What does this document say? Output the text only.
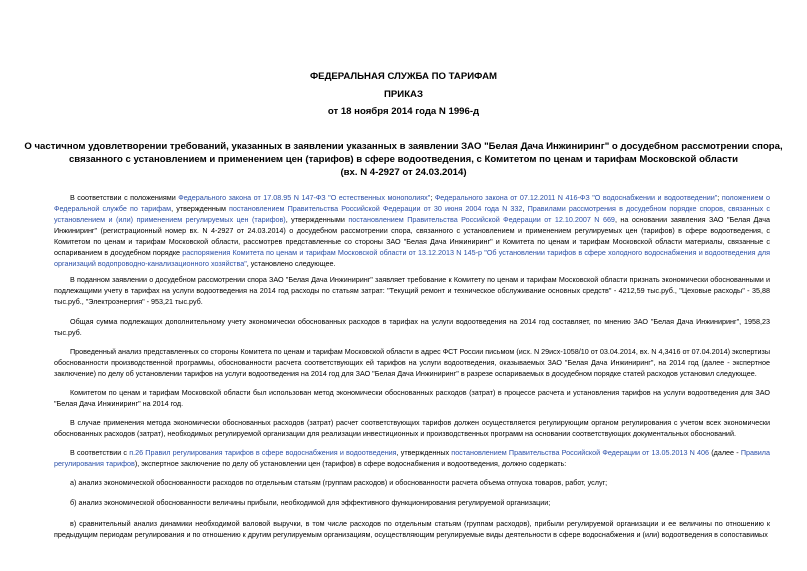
ФЕДЕРАЛЬНАЯ СЛУЖБА ПО ТАРИФАМ
ПРИКАЗ
от 18 ноября 2014 года N 1996-д
О частичном удовлетворении требований, указанных в заявлении указанных в заявлении ЗАО "Белая Дача Инжиниринг" о досудебном рассмотрении спора,
связанного с установлением и применением цен (тарифов) в сфере водоотведения, с Комитетом по ценам и тарифам Московской области
(вх. N 4-2927 от 24.03.2014)
В соответствии с положениями Федерального закона от 17.08.95 N 147-ФЗ "О естественных монополиях"; Федерального закона от 07.12.2011 N 416-ФЗ "О водоснабжении и водоотведении"; положением о Федеральной службе по тарифам, утвержденным постановлением Правительства Российской Федерации от 30 июня 2004 года N 332, Правилами рассмотрения в досудебном порядке споров, связанных с установлением и (или) применением регулируемых цен (тарифов), утвержденными постановлением Правительства Российской Федерации от 12.10.2007 N 669, на основании заявления ЗАО "Белая Дача Инжиниринг" (регистрационный номер вх. N 4-2927 от 24.03.2014) о досудебном рассмотрении спора, связанного с установлением и применением регулируемых цен (тарифов) в сфере водоотведения, с Комитетом по ценам и тарифам Московской области, рассмотрев представленные со стороны ЗАО "Белая Дача Инжиниринг" и Комитета по ценам и тарифам Московской области материалы, связанные с оспариванием в досудебном порядке распоряжения Комитета по ценам и тарифам Московской области от 13.12.2013 N 145-р "Об установлении тарифов в сфере холодного водоснабжения и водоотведения для организаций водопроводно-канализационного хозяйства", установлено следующее.
В поданном заявлении о досудебном рассмотрении спора ЗАО "Белая Дача Инжиниринг" заявляет требование к Комитету по ценам и тарифам Московской области признать экономически обоснованными и подлежащими учету в тарифах на услуги водоотведения на 2014 год расходы по статьям затрат: "Текущий ремонт и техническое обслуживание основных средств" - 4212,59 тыс.руб., "Цеховые расходы" - 35,88 тыс.руб., "Электроэнергия" - 953,21 тыс.руб.
Общая сумма подлежащих дополнительному учету экономически обоснованных расходов в тарифах на услуги водоотведения на 2014 год составляет, по мнению ЗАО "Белая Дача Инжиниринг", 1958,23 тыс.руб.
Проведенный анализ представленных со стороны Комитета по ценам и тарифам Московской области в адрес ФСТ России письмом (исх. N 29исх-1058/10 от 03.04.2014, вх. N 4,3416 от 07.04.2014) экспертизы обоснованности производственной программы, обоснованности расчета соответствующих ей тарифов на услуги водоотведения, оказываемых ЗАО "Белая Дача Инжиниринг", на 2014 год (далее - экспертное заключение) по делу об установлении тарифов на услуги водоотведения на 2014 год для ЗАО "Белая Дача Инжиниринг" в разрезе оспариваемых в досудебном порядке статей расходов установил следующее.
Комитетом по ценам и тарифам Московской области был использован метод экономически обоснованных расходов (затрат) в процессе расчета и установления тарифов на услуги водоотведения для ЗАО "Белая Дача Инжиниринг" на 2014 год.
В случае применения метода экономически обоснованных расходов (затрат) расчет соответствующих тарифов должен осуществляется регулирующим органом регулирования с учетом всех экономически обоснованных расходов (затрат), необходимых регулируемой организации для реализации инвестиционных и производственных программ на основании соответствующих документальных обоснований.
В соответствии с п.26 Правил регулирования тарифов в сфере водоснабжения и водоотведения, утвержденных постановлением Правительства Российской Федерации от 13.05.2013 N 406 (далее - Правила регулирования тарифов), экспертное заключение по делу об установлении цен (тарифов) в сфере водоснабжения и водоотведения, должно содержать:
а) анализ экономической обоснованности расходов по отдельным статьям (группам расходов) и обоснованности расчета объема отпуска товаров, работ, услуг;
б) анализ экономической обоснованности величины прибыли, необходимой для эффективного функционирования регулируемой организации;
в) сравнительный анализ динамики необходимой валовой выручки, в том числе расходов по отдельным статьям (группам расходов), прибыли регулируемой организации и ее величины по отношению к предыдущим периодам регулирования и по отношению к другим регулируемым организациям, осуществляющим регулируемые виды деятельности в сфере водоснабжения и (или) водоотведения в сопоставимых
